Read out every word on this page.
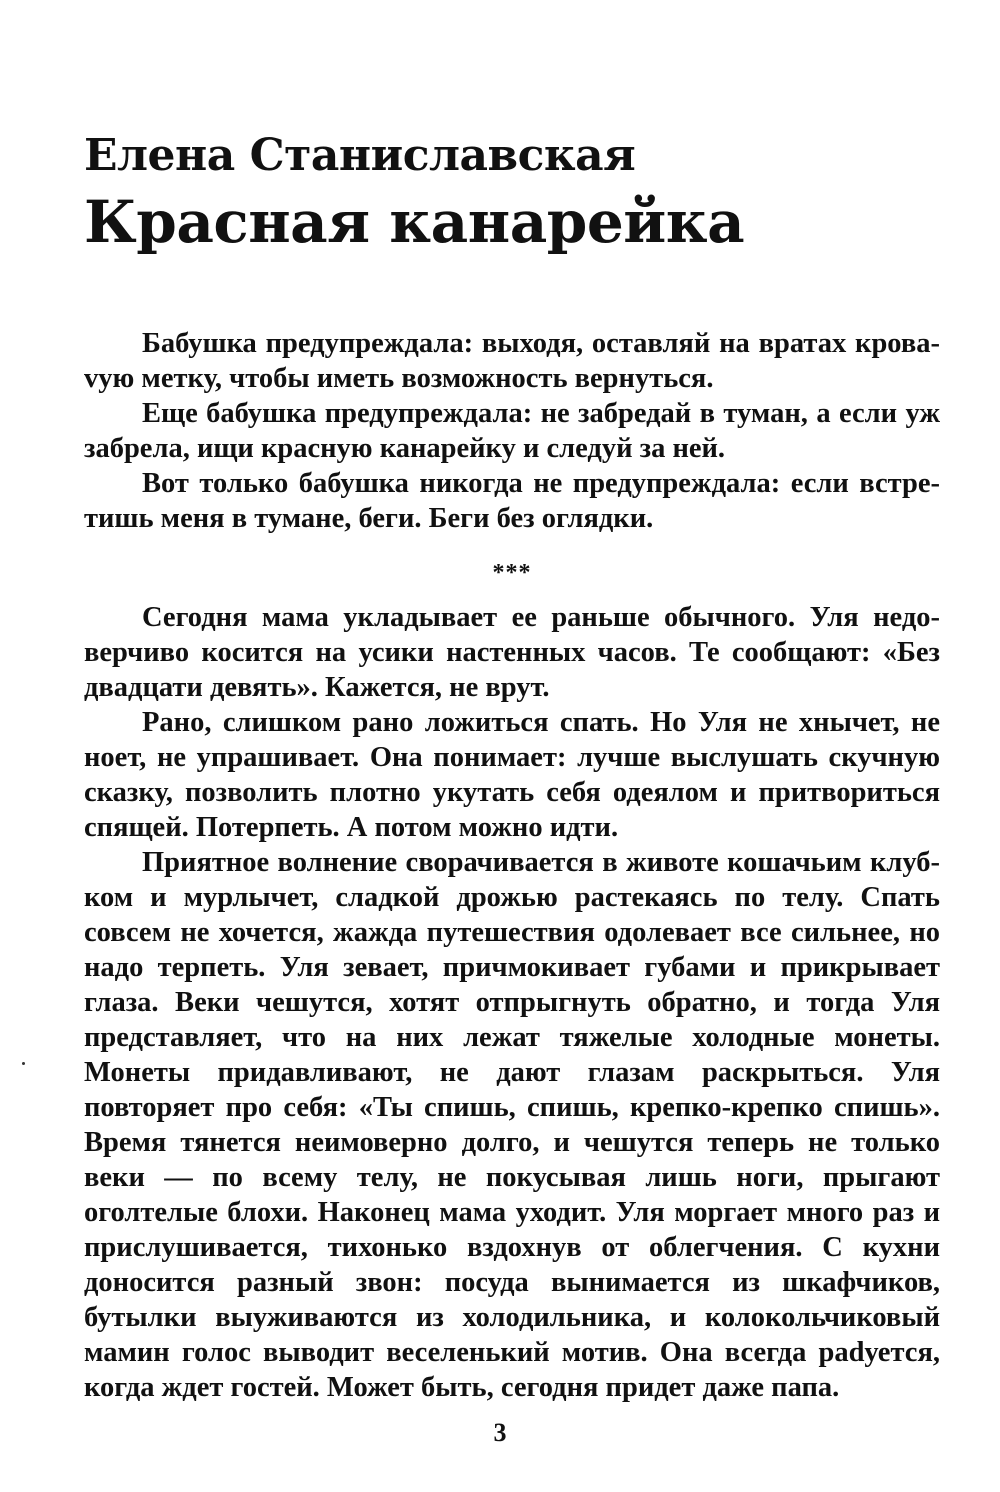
Елена Станиславская
Красная канарейка

Бабушка предупреждала: выходя, оставляй на вратах кроваvую метку, чтобы иметь возможность вернуться.

Еще бабушка предупреждала: не забредай в туман, а если уж забрела, ищи красную канарейку и следуй за ней.

Вот только бабушка никогда не предупреждала: если встретишь меня в тумане, беги. Беги без оглядки.

***

Сегодня мама укладывает ее раньше обычного. Уля недоверчиво косится на усики настенных часов. Те сообщают: «Без двадцати девять». Кажется, не врут.

Рано, слишком рано ложиться спать. Но Уля не хнычет, не ноет, не упрашивает. Она понимает: лучше выслушать скучную сказку, позволить плотно укутать себя одеялом и притвориться спящей. Потерпеть. А потом можно идти.

Приятное волнение сворачивается в животе кошачьим клубком и мурлычет, сладкой дрожью растекаясь по телу. Спать совсем не хочется, жажда путешествия одолевает все сильнее, но надо терпеть. Уля зевает, причмокивает губами и прикрывает глаза. Веки чешутся, хотят отпрыгнуть обратно, и тогда Уля представляет, что на них лежат тяжелые холодные монеты. Монеты придавливают, не дают глазам раскрыться. Уля повторяет про себя: «Ты спишь, спишь, крепко-крепко спишь». Время тянется неимоверно долго, и чешутся теперь не только веки — по всему телу, не покусывая лишь ноги, прыгают оголтелые блохи. Наконец мама уходит. Уля моргает много раз и прислушивается, тихонько вздохнув от облегчения. С кухни доносится разный звон: посуда вынимается из шкафчиков, бутылки выуживаются из холодильника, и колокольчиковый мамин голос выводит веселенький мотив. Она всегда раdуется, когда ждет гостей. Может быть, сегодня придет даже папа.

3
